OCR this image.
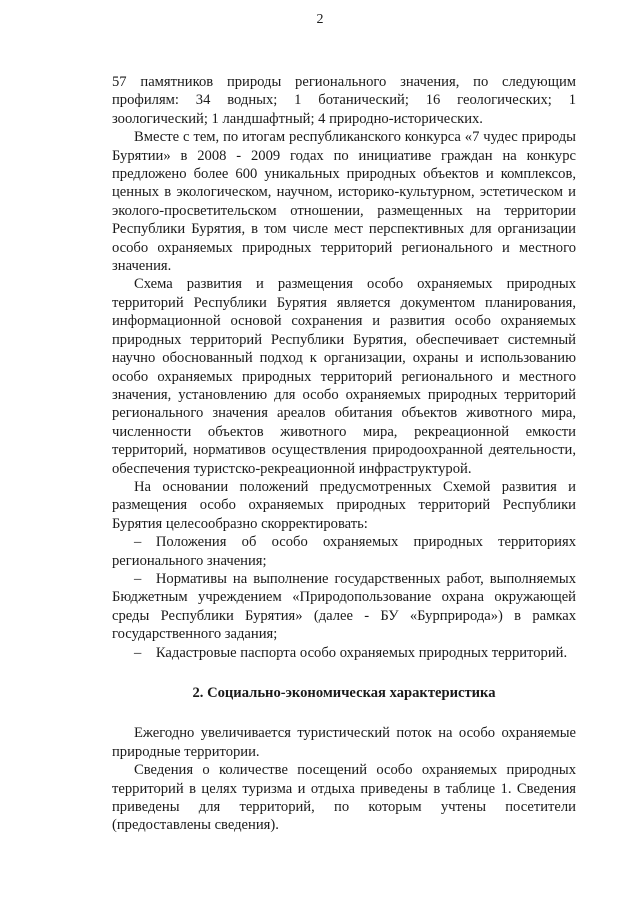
2

57 памятников природы регионального значения, по следующим профилям: 34 водных; 1 ботанический; 16 геологических; 1 зоологический; 1 ландшафтный; 4 природно-исторических.

Вместе с тем, по итогам республиканского конкурса «7 чудес природы Бурятии» в 2008 - 2009 годах по инициативе граждан на конкурс предложено более 600 уникальных природных объектов и комплексов, ценных в экологическом, научном, историко-культурном, эстетическом и эколого-просветительском отношении, размещенных на территории Республики Бурятия, в том числе мест перспективных для организации особо охраняемых природных территорий регионального и местного значения.

Схема развития и размещения особо охраняемых природных территорий Республики Бурятия является документом планирования, информационной основой сохранения и развития особо охраняемых природных территорий Республики Бурятия, обеспечивает системный научно обоснованный подход к организации, охраны и использованию особо охраняемых природных территорий регионального и местного значения, установлению для особо охраняемых природных территорий регионального значения ареалов обитания объектов животного мира, численности объектов животного мира, рекреационной емкости территорий, нормативов осуществления природоохранной деятельности, обеспечения туристско-рекреационной инфраструктурой.

На основании положений предусмотренных Схемой развития и размещения особо охраняемых природных территорий Республики Бурятия целесообразно скорректировать:

– Положения об особо охраняемых природных территориях регионального значения;

– Нормативы на выполнение государственных работ, выполняемых Бюджетным учреждением «Природопользование охрана окружающей среды Республики Бурятия» (далее - БУ «Бурприрода») в рамках государственного задания;

– Кадастровые паспорта особо охраняемых природных территорий.

2. Социально-экономическая характеристика

Ежегодно увеличивается туристический поток на особо охраняемые природные территории.

Сведения о количестве посещений особо охраняемых природных территорий в целях туризма и отдыха приведены в таблице 1. Сведения приведены для территорий, по которым учтены посетители (предоставлены сведения).
